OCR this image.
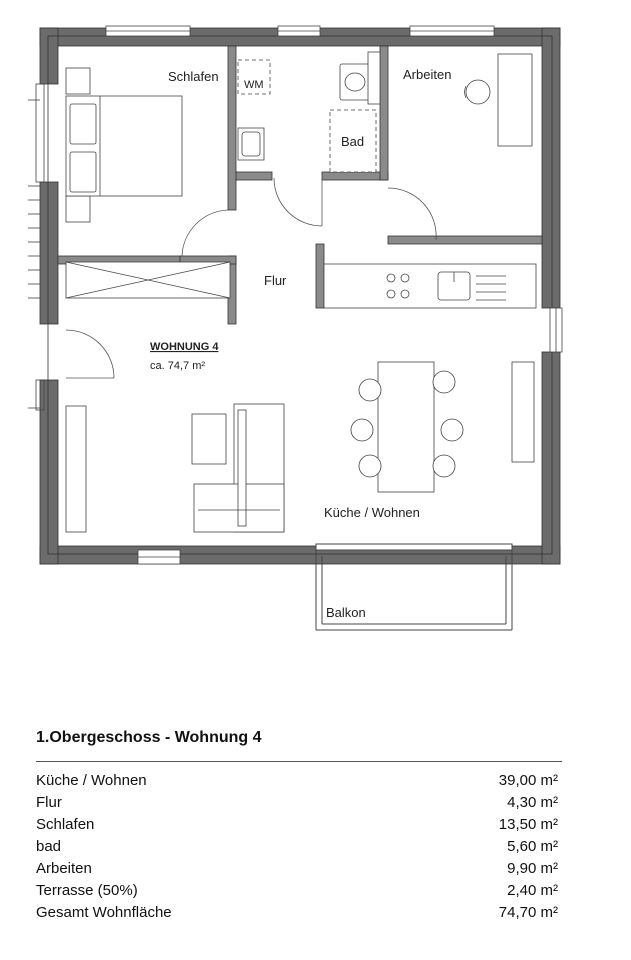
Schlafen	Arbeiten
WM
Bad
Flur
WOHNUNG 4
ca. 74,7 m²
Küche / Wohnen
Balkon
1.Obergeschoss - Wohnung 4
Küche / Wohnen	39,00 m²
Flur	4,30 m²
Schlafen	13,50 m²
bad	5,60 m²
Arbeiten	9,90 m²
Terrasse (50%)	2,40 m²
Gesamt Wohnfläche	74,70 m²
